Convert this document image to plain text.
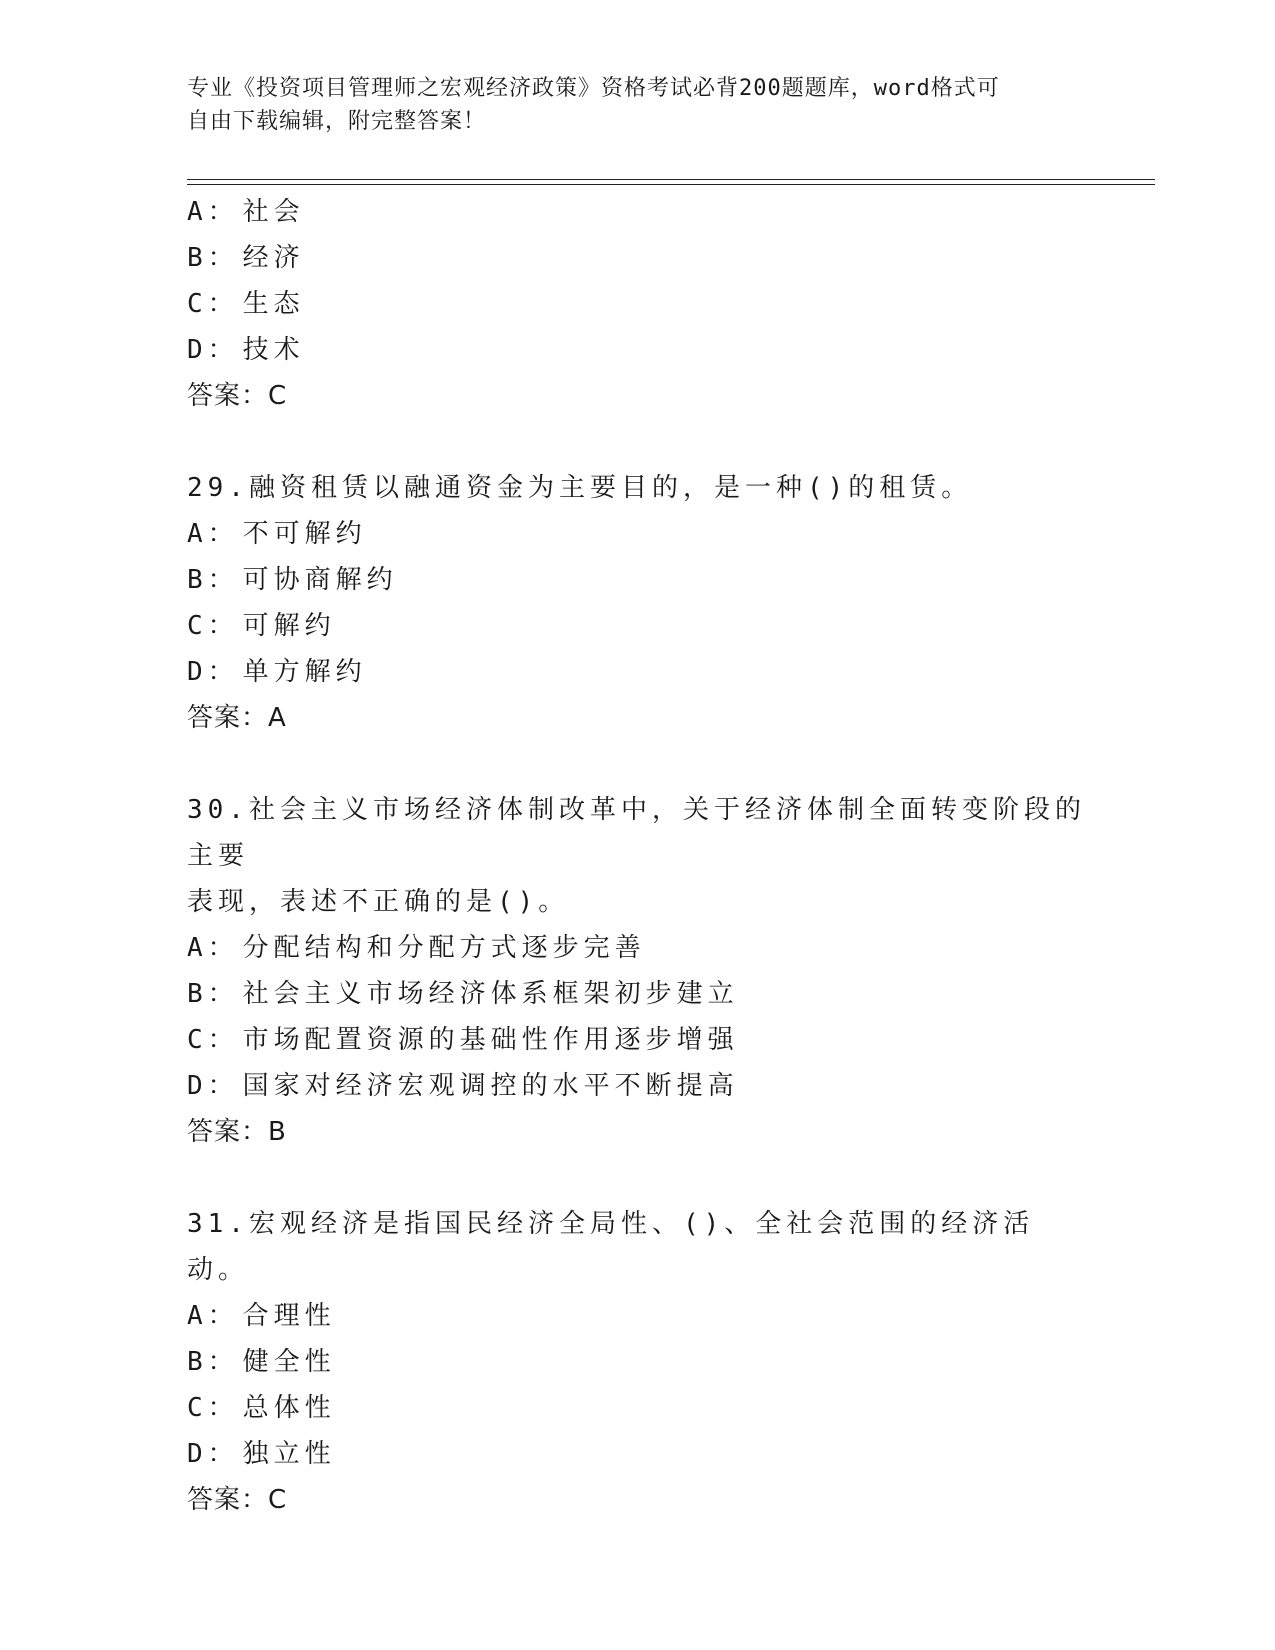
专业《投资项目管理师之宏观经济政策》资格考试必背200题题库，word格式可
自由下载编辑，附完整答案！
A： 社会
B： 经济
C： 生态
D： 技术
答案：C
29.融资租赁以融通资金为主要目的，是一种()的租赁。
A： 不可解约
B： 可协商解约
C： 可解约
D： 单方解约
答案：A
30.社会主义市场经济体制改革中，关于经济体制全面转变阶段的主要
表现，表述不正确的是()。
A： 分配结构和分配方式逐步完善
B： 社会主义市场经济体系框架初步建立
C： 市场配置资源的基础性作用逐步增强
D： 国家对经济宏观调控的水平不断提高
答案：B
31.宏观经济是指国民经济全局性、()、全社会范围的经济活动。
A： 合理性
B： 健全性
C： 总体性
D： 独立性
答案：C
